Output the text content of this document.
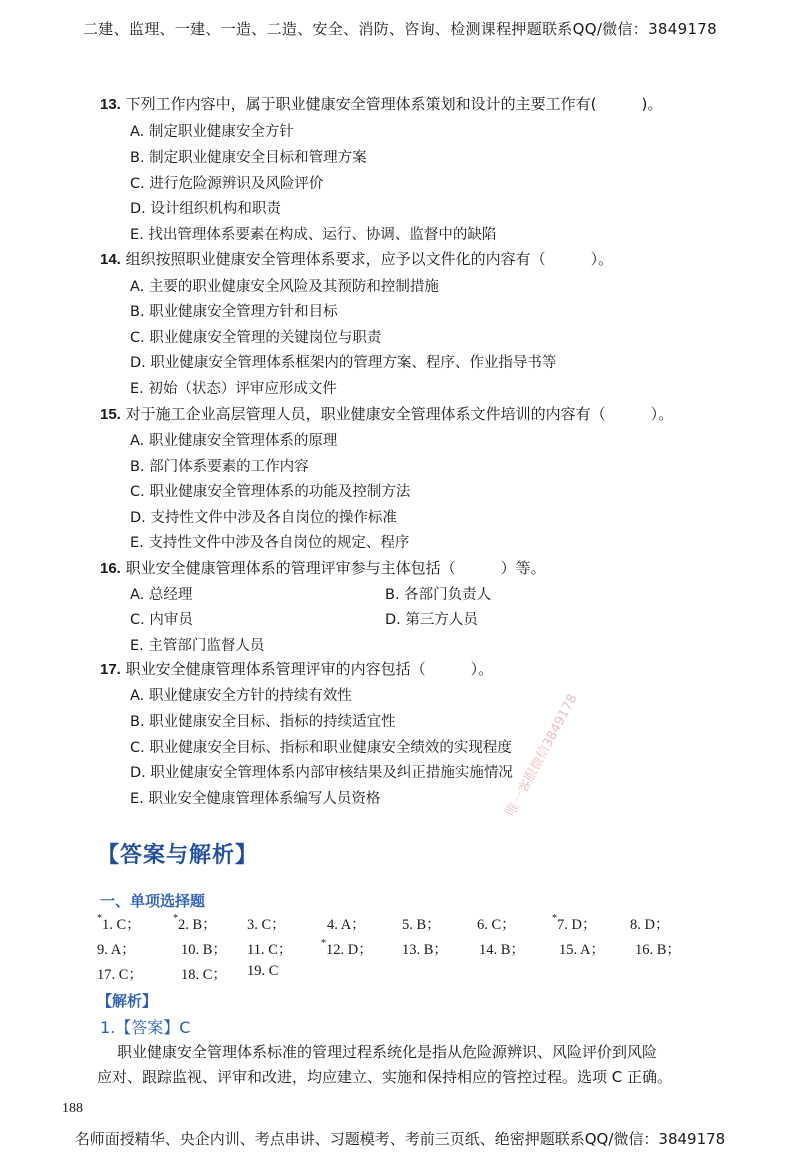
二建、监理、一建、一造、二造、安全、消防、咨询、检测课程押题联系QQ/微信：3849178
13. 下列工作内容中，属于职业健康安全管理体系策划和设计的主要工作有(　　　)。
A. 制定职业健康安全方针
B. 制定职业健康安全目标和管理方案
C. 进行危险源辨识及风险评价
D. 设计组织机构和职责
E. 找出管理体系要素在构成、运行、协调、监督中的缺陷
14. 组织按照职业健康安全管理体系要求，应予以文件化的内容有（　　　）。
A. 主要的职业健康安全风险及其预防和控制措施
B. 职业健康安全管理方针和目标
C. 职业健康安全管理的关键岗位与职责
D. 职业健康安全管理体系框架内的管理方案、程序、作业指导书等
E. 初始（状态）评审应形成文件
15. 对于施工企业高层管理人员，职业健康安全管理体系文件培训的内容有（　　　）。
A. 职业健康安全管理体系的原理
B. 部门体系要素的工作内容
C. 职业健康安全管理体系的功能及控制方法
D. 支持性文件中涉及各自岗位的操作标准
E. 支持性文件中涉及各自岗位的规定、程序
16. 职业安全健康管理体系的管理评审参与主体包括（　　　）等。
A. 总经理	B. 各部门负责人
C. 内审员	D. 第三方人员
E. 主管部门监督人员
17. 职业安全健康管理体系管理评审的内容包括（　　　）。
A. 职业健康安全方针的持续有效性
B. 职业健康安全目标、指标的持续适宜性
C. 职业健康安全目标、指标和职业健康安全绩效的实现程度
D. 职业健康安全管理体系内部审核结果及纠正措施实施情况
E. 职业安全健康管理体系编写人员资格
【答案与解析】
一、单项选择题
*1. C；	*2. B； 3. C；	4. A；	5. B；	6. C；	*7. D； 8. D；
9. A；	10. B； 11. C；	*12. D； 13. B； 14. B； 15. A； 16. B；
17. C；	18. C； 19. C
【解析】
1.【答案】C
职业健康安全管理体系标准的管理过程系统化是指从危险源辨识、风险评价到风险
应对、跟踪监视、评审和改进，均应建立、实施和保持相应的管控过程。选项 C 正确。
188
名师面授精华、央企内训、考点串讲、习题模考、考前三页纸、绝密押题联系QQ/微信：3849178
唯一客服微信3849178
